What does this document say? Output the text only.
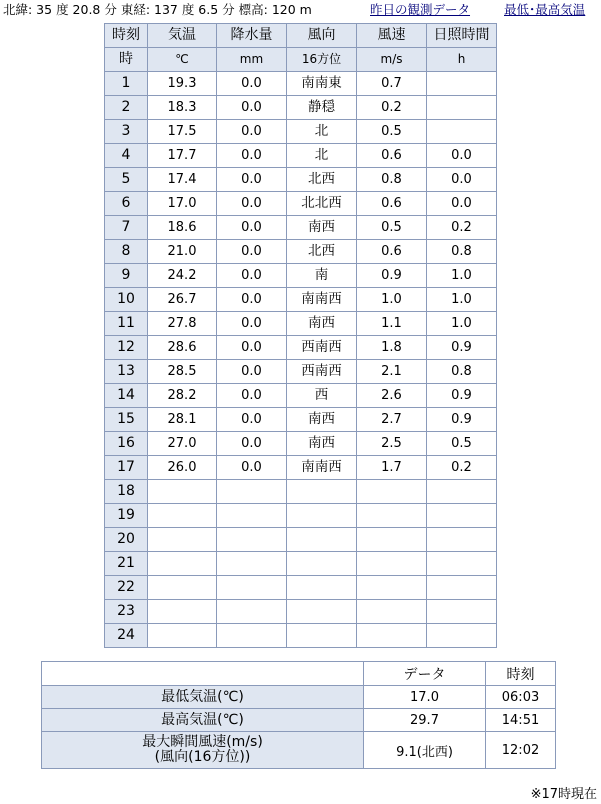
北緯: 35 度 20.8 分 東経: 137 度 6.5 分 標高: 120 m	昨日の観測データ	最低･最高気温
時刻	気温	降水量	風向	風速	日照時間
時	℃	mm	16方位	m/s	h
1	19.3	0.0	南南東	0.7	
2	18.3	0.0	静穏	0.2	
3	17.5	0.0	北	0.5	
4	17.7	0.0	北	0.6	0.0
5	17.4	0.0	北西	0.8	0.0
6	17.0	0.0	北北西	0.6	0.0
7	18.6	0.0	南西	0.5	0.2
8	21.0	0.0	北西	0.6	0.8
9	24.2	0.0	南	0.9	1.0
10	26.7	0.0	南南西	1.0	1.0
11	27.8	0.0	南西	1.1	1.0
12	28.6	0.0	西南西	1.8	0.9
13	28.5	0.0	西南西	2.1	0.8
14	28.2	0.0	西	2.6	0.9
15	28.1	0.0	南西	2.7	0.9
16	27.0	0.0	南西	2.5	0.5
17	26.0	0.0	南南西	1.7	0.2
18					
19					
20					
21					
22					
23					
24					
	データ	時刻
最低気温(℃)	17.0	06:03
最高気温(℃)	29.7	14:51
最大瞬間風速(m/s)
(風向(16方位))	9.1(北西)	12:02
※17時現在
